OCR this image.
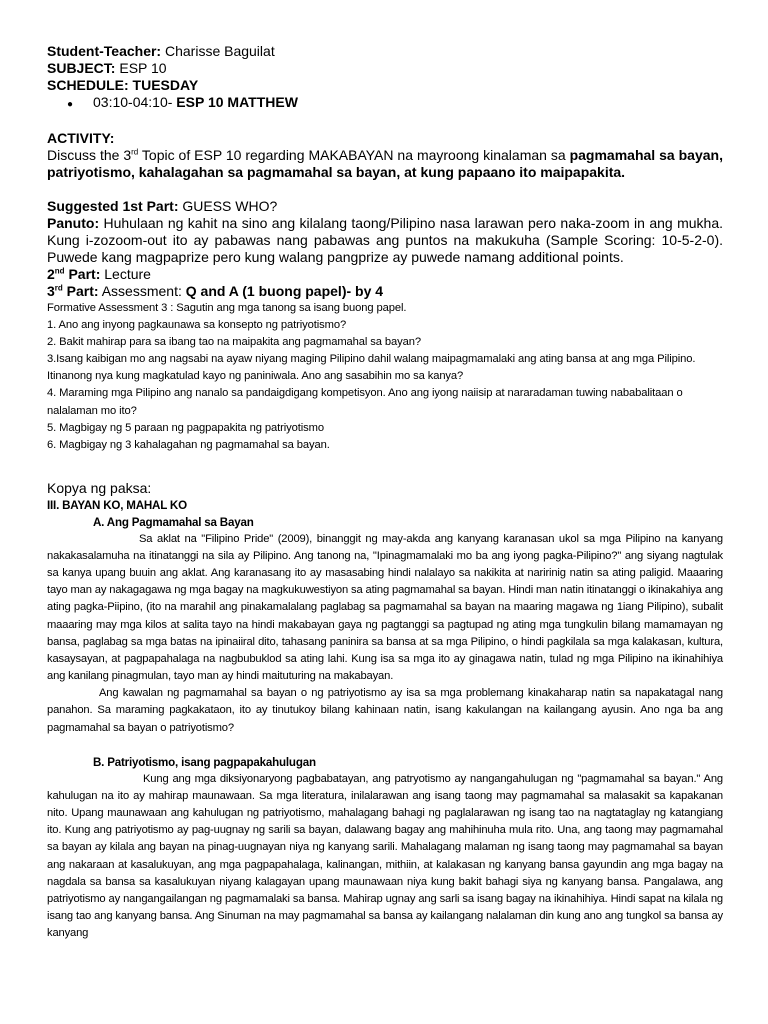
Student-Teacher: Charisse Baguilat
SUBJECT: ESP 10
SCHEDULE: TUESDAY
●	03:10-04:10- ESP 10 MATTHEW
ACTIVITY:
Discuss the 3rd Topic of ESP 10 regarding MAKABAYAN na mayroong kinalaman sa pagmamahal sa bayan, patriyotismo, kahalagahan sa pagmamahal sa bayan, at kung papaano ito maipapakita.
Suggested 1st Part: GUESS WHO?
Panuto: Huhulaan ng kahit na sino ang kilalang taong/Pilipino nasa larawan pero naka-zoom in ang mukha. Kung i-zozoom-out ito ay pabawas nang pabawas ang puntos na makukuha (Sample Scoring: 10-5-2-0). Puwede kang magpaprize pero kung walang pangprize ay puwede namang additional points.
2nd Part: Lecture
3rd Part: Assessment: Q and A (1 buong papel)- by 4
Formative Assessment 3 : Sagutin ang mga tanong sa isang buong papel.
1. Ano ang inyong pagkaunawa sa konsepto ng patriyotismo?
2. Bakit mahirap para sa ibang tao na maipakita ang pagmamahal sa bayan?
3.Isang kaibigan mo ang nagsabi na ayaw niyang maging Pilipino dahil walang maipagmamalaki ang ating bansa at ang mga Pilipino. Itinanong nya kung magkatulad kayo ng paniniwala. Ano ang sasabihin mo sa kanya?
4. Maraming mga Pilipino ang nanalo sa pandaigdigang kompetisyon. Ano ang iyong naiisip at nararadaman tuwing nababalitaan o nalalaman mo ito?
5. Magbigay ng 5 paraan ng pagpapakita ng patriyotismo
6. Magbigay ng 3 kahalagahan ng pagmamahal sa bayan.
Kopya ng paksa:
III. BAYAN KO, MAHAL KO
A. Ang Pagmamahal sa Bayan
Sa aklat na "Filipino Pride" (2009), binanggit ng may-akda ang kanyang karanasan ukol sa mga Pilipino na kanyang nakakasalamuha na itinatanggi na sila ay Pilipino. Ang tanong na, "Ipinagmamalaki mo ba ang iyong pagka-Pilipino?" ang siyang nagtulak sa kanya upang buuin ang aklat. Ang karanasang ito ay masasabing hindi nalalayo sa nakikita at naririnig natin sa ating paligid. Maaaring tayo man ay nakagagawa ng mga bagay na magkukuwestiyon sa ating pagmamahal sa bayan. Hindi man natin itinatanggi o ikinakahiya ang ating pagka-Piipino, (ito na marahil ang pinakamalalang paglabag sa pagmamahal sa bayan na maaring magawa ng 1iang Pilipino), subalit maaaring may mga kilos at salita tayo na hindi makabayan gaya ng pagtanggi sa pagtupad ng ating mga tungkulin bilang mamamayan ng bansa, paglabag sa mga batas na ipinaiiral dito, tahasang paninira sa bansa at sa mga Pilipino, o hindi pagkilala sa mga kalakasan, kultura, kasaysayan, at pagpapahalaga na nagbubuklod sa ating lahi. Kung isa sa mga ito ay ginagawa natin, tulad ng mga Pilipino na ikinahihiya ang kanilang pinagmulan, tayo man ay hindi maituturing na makabayan.
Ang kawalan ng pagmamahal sa bayan o ng patriyotismo ay isa sa mga problemang kinakaharap natin sa napakatagal nang panahon. Sa maraming pagkakataon, ito ay tinutukoy bilang kahinaan natin, isang kakulangan na kailangang ayusin. Ano nga ba ang pagmamahal sa bayan o patriyotismo?
B. Patriyotismo, isang pagpapakahulugan
Kung ang mga diksiyonaryong pagbabatayan, ang patryotismo ay nangangahulugan ng "pagmamahal sa bayan." Ang kahulugan na ito ay mahirap maunawaan. Sa mga literatura, inilalarawan ang isang taong may pagmamahal sa malasakit sa kapakanan nito. Upang maunawaan ang kahulugan ng patriyotismo, mahalagang bahagi ng paglalarawan ng isang tao na nagtataglay ng katangiang ito. Kung ang patriyotismo ay pag-uugnay ng sarili sa bayan, dalawang bagay ang mahihinuha mula rito. Una, ang taong may pagmamahal sa bayan ay kilala ang bayan na pinag-uugnayan niya ng kanyang sarili. Mahalagang malaman ng isang taong may pagmamahal sa bayan ang nakaraan at kasalukuyan, ang mga pagpapahalaga, kalinangan, mithiin, at kalakasan ng kanyang bansa gayundin ang mga bagay na nagdala sa bansa sa kasalukuyan niyang kalagayan upang maunawaan niya kung bakit bahagi siya ng kanyang bansa. Pangalawa, ang patriyotismo ay nangangailangan ng pagmamalaki sa bansa. Mahirap ugnay ang sarli sa isang bagay na ikinahihiya. Hindi sapat na kilala ng isang tao ang kanyang bansa. Ang Sinuman na may pagmamahal sa bansa ay kailangang nalalaman din kung ano ang tungkol sa bansa ay kanyang
